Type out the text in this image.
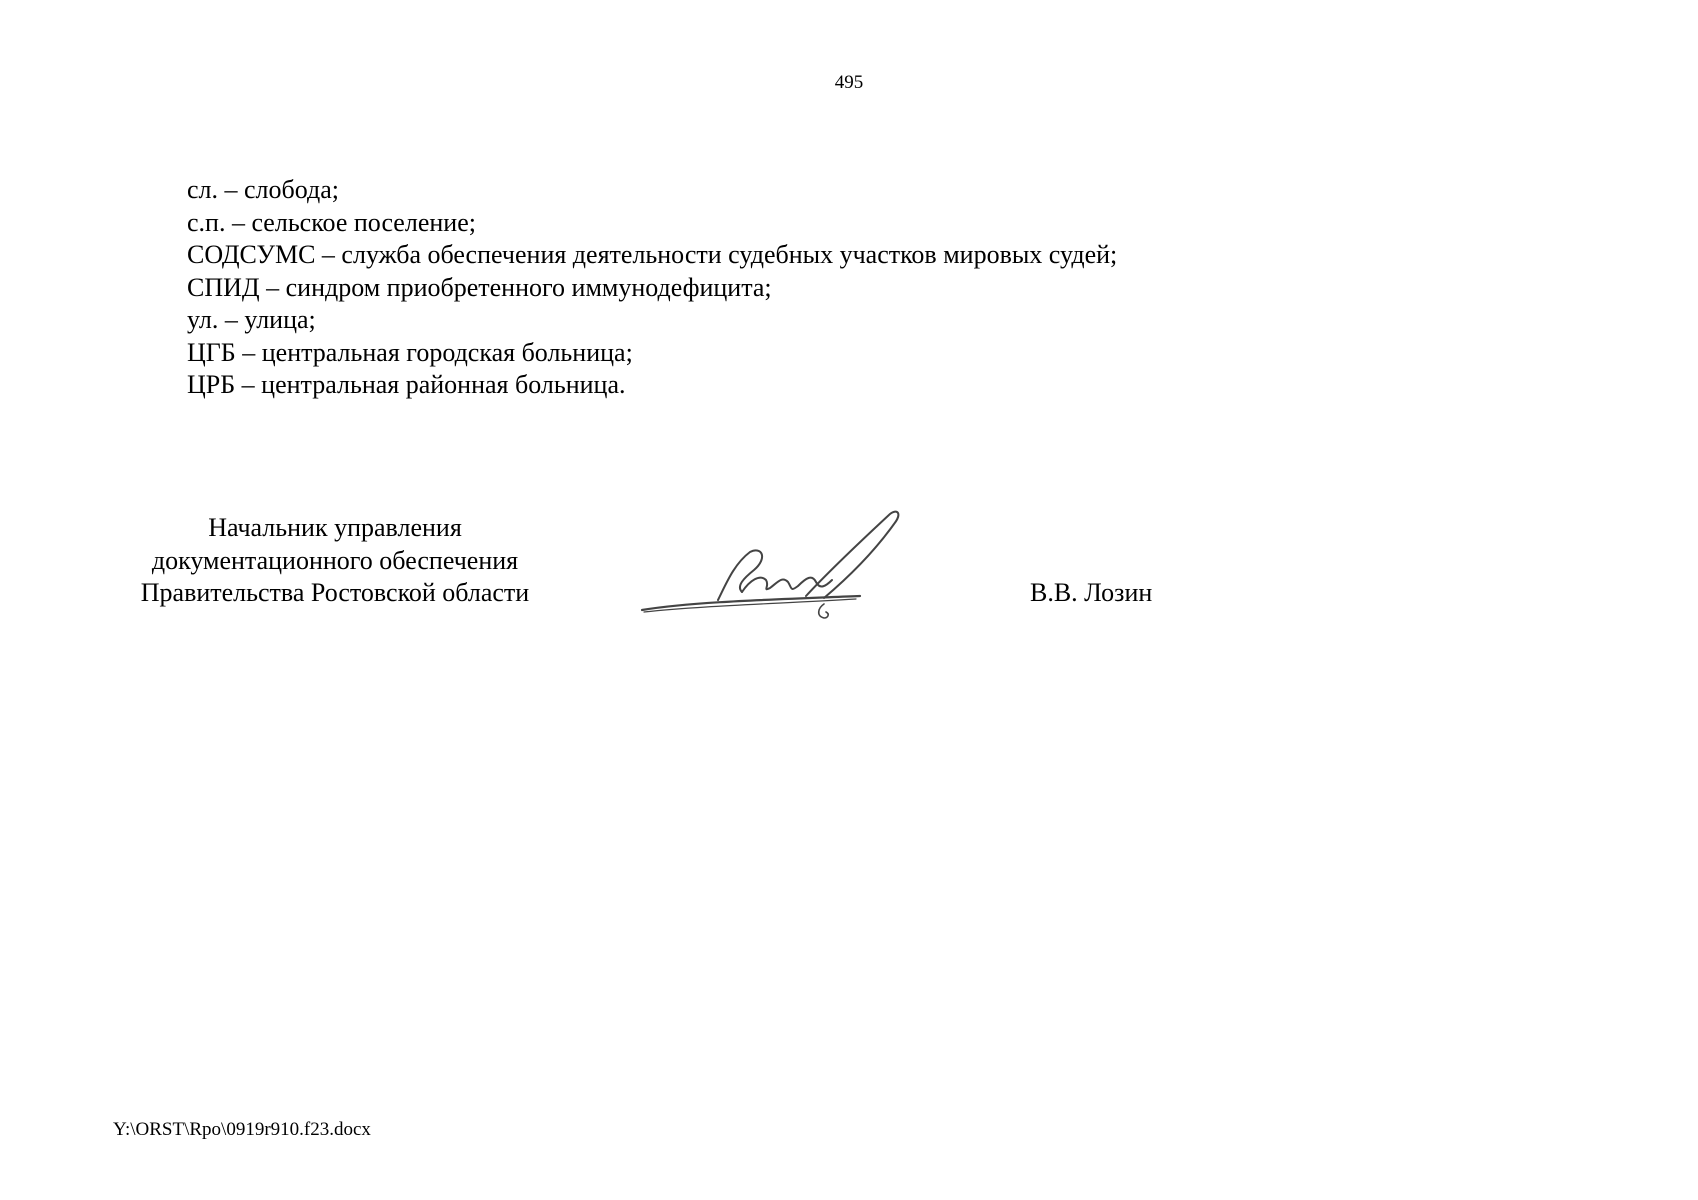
495
сл. – слобода;
с.п. – сельское поселение;
СОДСУМС – служба обеспечения деятельности судебных участков мировых судей;
СПИД – синдром приобретенного иммунодефицита;
ул. – улица;
ЦГБ – центральная городская больница;
ЦРБ – центральная районная больница.
Начальник управления
документационного обеспечения
Правительства Ростовской области	В.В. Лозин
Y:\ORST\Rpo\0919r910.f23.docx
